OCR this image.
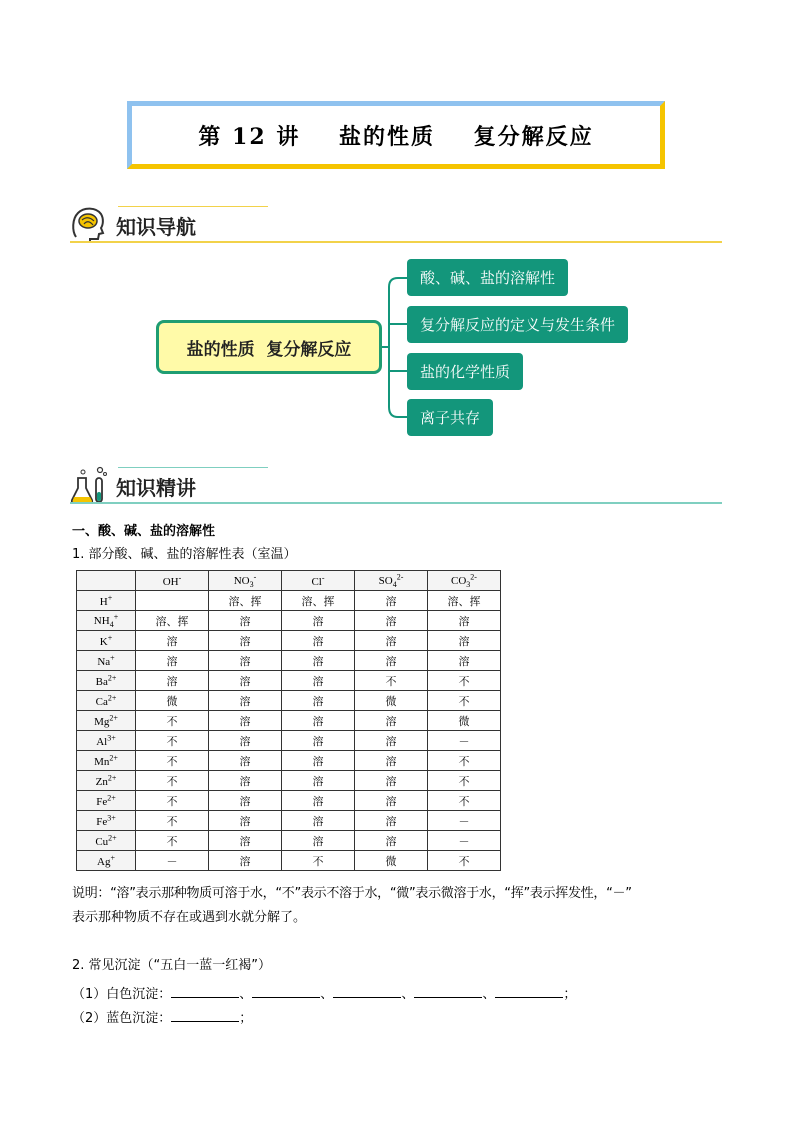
第 12 讲    盐的性质    复分解反应
知识导航
盐的性质  复分解反应
酸、碱、盐的溶解性
复分解反应的定义与发生条件
盐的化学性质
离子共存
知识精讲
一、酸、碱、盐的溶解性
1. 部分酸、碱、盐的溶解性表（室温）
	OH-	$NO_3^-$	Cl-	$SO_4^{2-}$	$CO_3^{2-}$
H+		溶、挥	溶、挥	溶	溶、挥
$NH_4^+$	溶、挥	溶	溶	溶	溶
K+	溶	溶	溶	溶	溶
Na+	溶	溶	溶	溶	溶
$Ba^{2+}$	溶	溶	溶	不	不
$Ca^{2+}$	微	溶	溶	微	不
$Mg^{2+}$	不	溶	溶	溶	微
$Al^{3+}$	不	溶	溶	溶	－
$Mn^{2+}$	不	溶	溶	溶	不
$Zn^{2+}$	不	溶	溶	溶	不
$Fe^{2+}$	不	溶	溶	溶	不
$Fe^{3+}$	不	溶	溶	溶	－
$Cu^{2+}$	不	溶	溶	溶	－
Ag+	－	溶	不	微	不
说明：“溶”表示那种物质可溶于水，“不”表示不溶于水，“微”表示微溶于水，“挥”表示挥发性，“－”
表示那种物质不存在或遇到水就分解了。
2. 常见沉淀（“五白一蓝一红褐”）
（1）白色沉淀：	、	、	、	、	；
（2）蓝色沉淀：	；
